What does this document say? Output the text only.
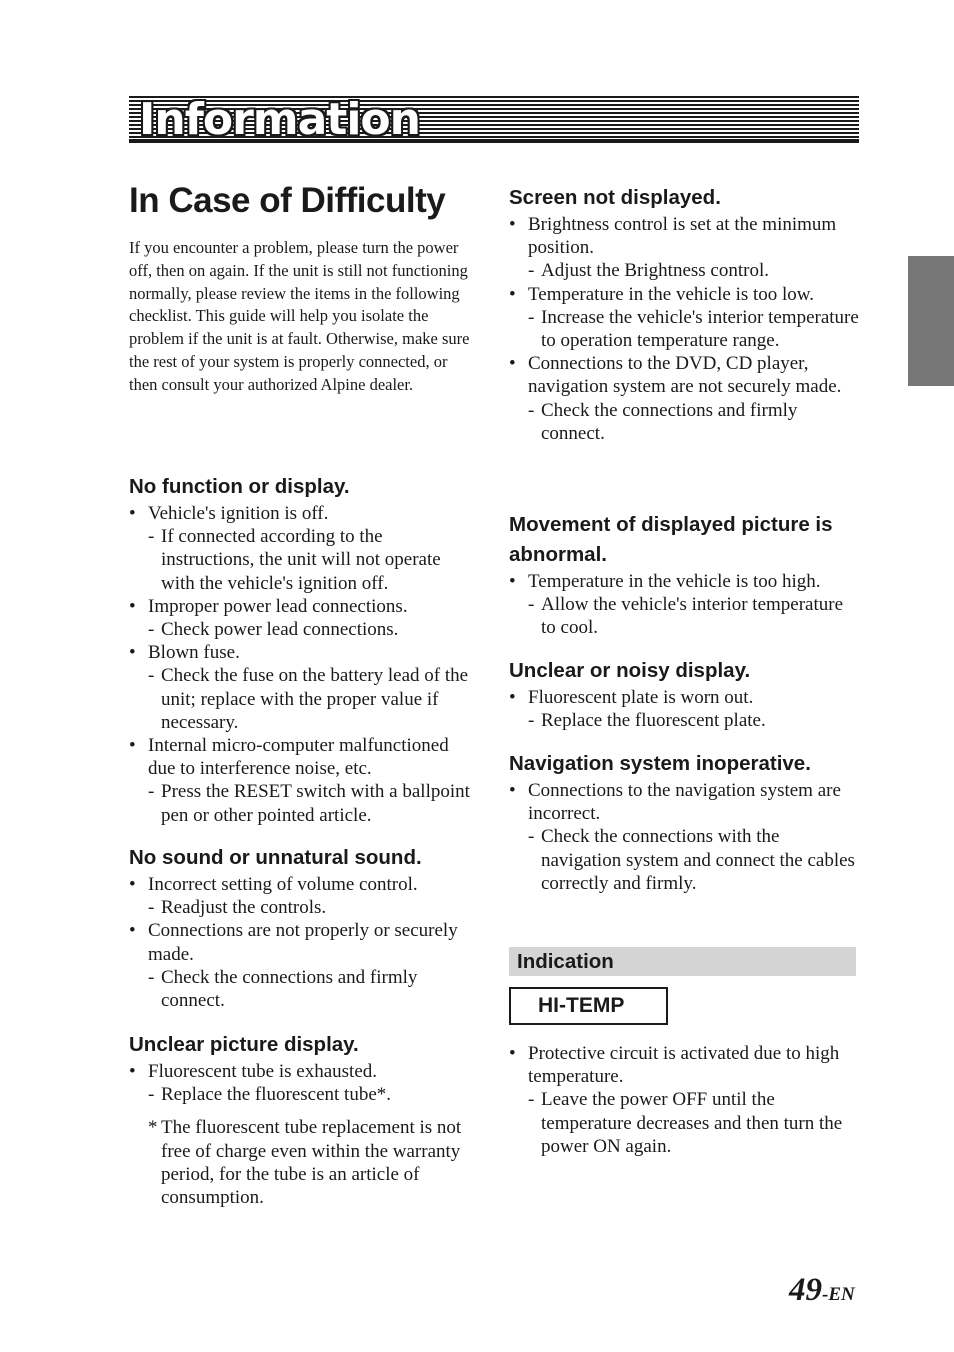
Information
In Case of Difficulty
If you encounter a problem, please turn the power off, then on again. If the unit is still not functioning normally, please review the items in the following checklist. This guide will help you isolate the problem if the unit is at fault. Otherwise, make sure the rest of your system is properly connected, or then consult your authorized Alpine dealer.
No function or display.
• Vehicle's ignition is off.
- If connected according to the instructions, the unit will not operate with the vehicle's ignition off.
• Improper power lead connections.
- Check power lead connections.
• Blown fuse.
- Check the fuse on the battery lead of the unit; replace with the proper value if necessary.
• Internal micro-computer malfunctioned due to interference noise, etc.
- Press the RESET switch with a ballpoint pen or other pointed article.
No sound or unnatural sound.
• Incorrect setting of volume control.
- Readjust the controls.
• Connections are not properly or securely made.
- Check the connections and firmly connect.
Unclear picture display.
• Fluorescent tube is exhausted.
- Replace the fluorescent tube*.
* The fluorescent tube replacement is not free of charge even within the warranty period, for the tube is an article of consumption.
Screen not displayed.
• Brightness control is set at the minimum position.
- Adjust the Brightness control.
• Temperature in the vehicle is too low.
- Increase the vehicle's interior temperature to operation temperature range.
• Connections to the DVD, CD player, navigation system are not securely made.
- Check the connections and firmly connect.
Movement of displayed picture is abnormal.
• Temperature in the vehicle is too high.
- Allow the vehicle's interior temperature to cool.
Unclear or noisy display.
• Fluorescent plate is worn out.
- Replace the fluorescent plate.
Navigation system inoperative.
• Connections to the navigation system are incorrect.
- Check the connections with the navigation system and connect the cables correctly and firmly.
Indication
HI-TEMP
• Protective circuit is activated due to high temperature.
- Leave the power OFF until the temperature decreases and then turn the power ON again.
49-EN
